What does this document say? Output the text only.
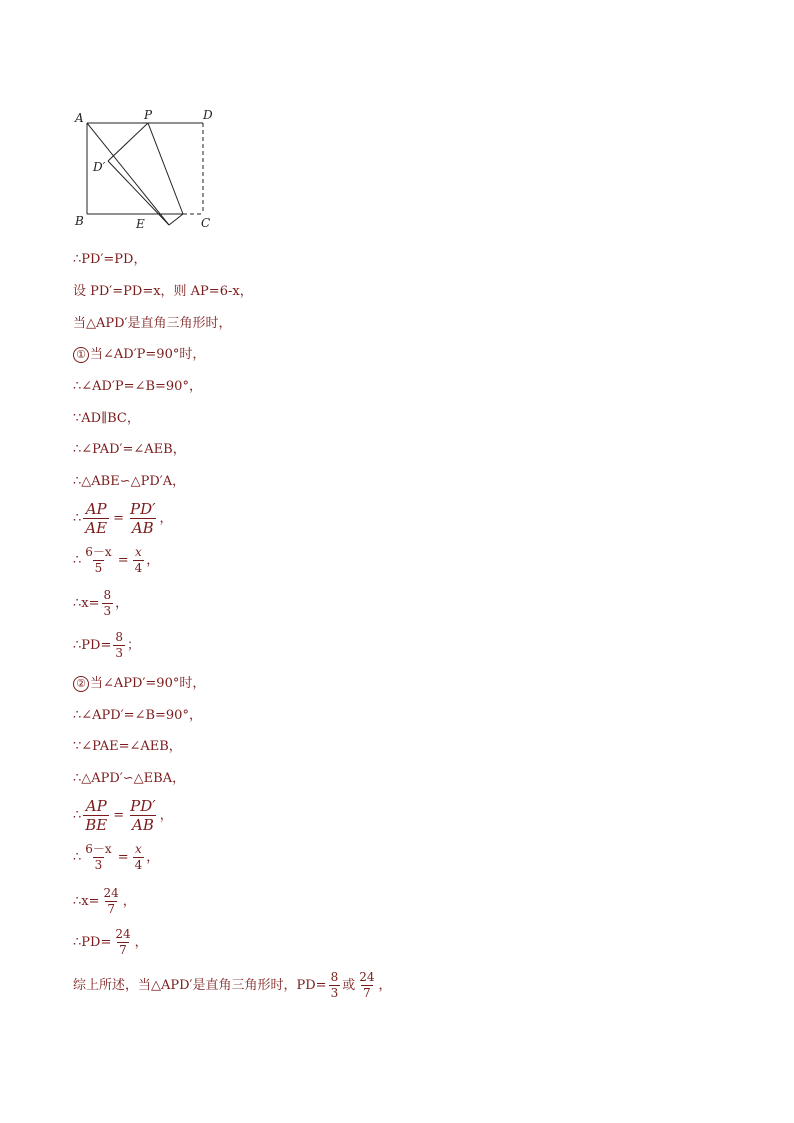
A	P	D
D′
B	E	C
∴PD′=PD，
设 PD′=PD=x，则 AP=6-x，
当△APD′是直角三角形时，
① 当∠AD′P=90°时，
∴∠AD′P=∠B=90°，
∵AD∥BC，
∴∠PAD′=∠AEB，
∴△ABE∽△PD′A，
∴ $\frac{AP}{AE} = \frac{PD'}{AB}$ ，
∴ $\frac{6-x}{5} = \frac{x}{4}$ ，
∴x= $\frac{8}{3}$ ，
∴PD= $\frac{8}{3}$ ；
② 当∠APD′=90°时，
∴∠APD′=∠B=90°，
∵∠PAE=∠AEB，
∴△APD′∽△EBA，
∴ $\frac{AP}{BE} = \frac{PD'}{AB}$ ，
∴ $\frac{6-x}{3} = \frac{x}{4}$ ，
∴x= $\frac{24}{7}$ ，
∴PD= $\frac{24}{7}$ ，
综上所述，当△APD′是直角三角形时，$PD= \frac{8}{3}$ 或 $\frac{24}{7}$ ，
